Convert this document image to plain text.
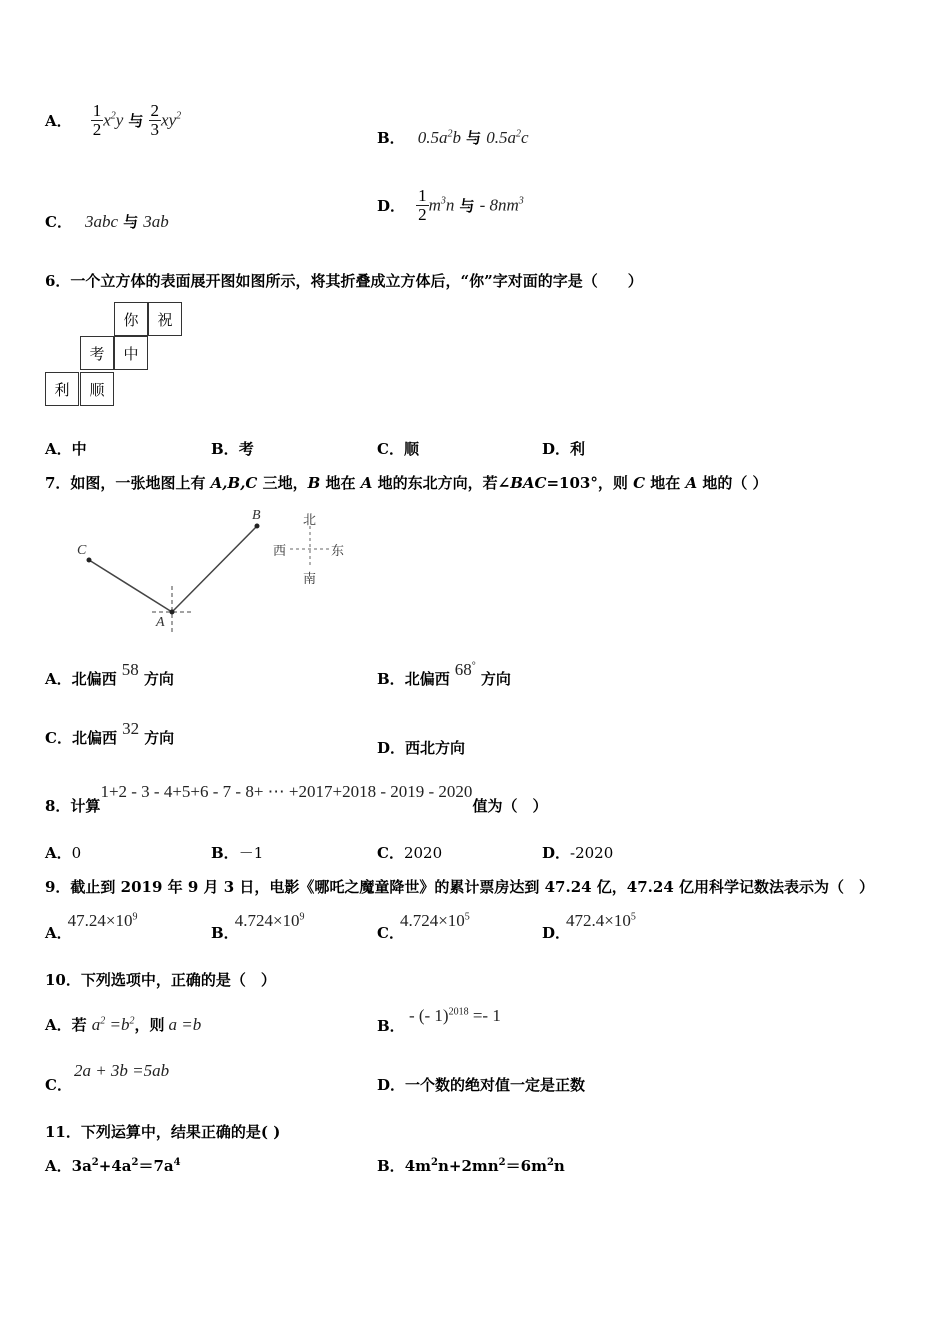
A． $\frac{1}{2} x^2y$ 与 $\frac{2}{3} xy^2$
B． $0.5a^2b$ 与 $0.5a^2c$
C． 3abc 与 3ab
D． $\frac{1}{2} m^3n$ 与 - $8nm^3$
6．一个立方体的表面展开图如图所示，将其折叠成立方体后，“你”字对面的字是（　　）
你	祝
考	中
利	顺
A．中	B．考	C．顺	D．利
7．如图，一张地图上有 A,B,C 三地，B 地在 A 地的东北方向，若∠BAC=103°，则 C 地在 A 地的（ ）
C
B
A
北
南
西	东
A．北偏西 58 方向	B．北偏西 68° 方向
C．北偏西 32 方向
D．西北方向
8．计算1+2 - 3 - 4+5+6 - 7 - 8+ ⋯ +2017+2018 - 2019 - 2020值为（　）
A．0	B．－1	C．2020	D．-2020
9．截止到 2019 年 9 月 3 日，电影《哪吒之魔童降世》的累计票房达到 47.24 亿，47.24 亿用科学记数法表示为（　）
A．$47.24\times 10^9$
B．$4.724\times 10^9$
C．$4.724\times 10^5$
D．$472.4\times 10^5$
10．下列选项中，正确的是（　）
A．若 $a^2 =b^2$，则 a =b	B． - (- 1)$^{2018}$ =- 1
C．2a + 3b =5ab
D．一个数的绝对值一定是正数
11．下列运算中，结果正确的是( )
A．$3a^2+4a^2=7a^4$	B．$4m^2n+2mn^2=6m^2n$
